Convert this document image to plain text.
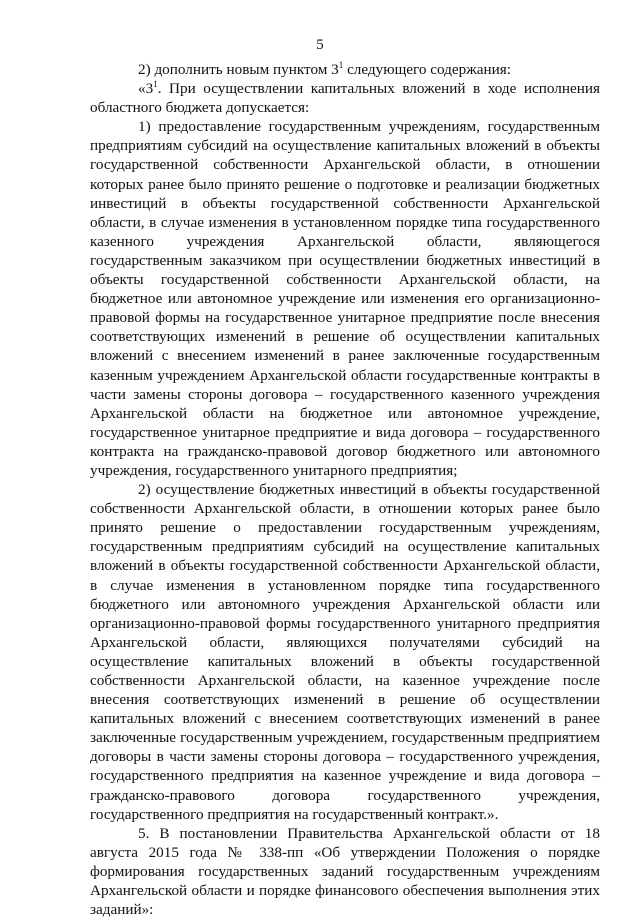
5

2) дополнить новым пунктом $3^1$ следующего содержания:

«$3^1$. При осуществлении капитальных вложений в ходе исполнения областного бюджета допускается:

1) предоставление государственным учреждениям, государственным предприятиям субсидий на осуществление капитальных вложений в объекты государственной собственности Архангельской области, в отношении которых ранее было принято решение о подготовке и реализации бюджетных инвестиций в объекты государственной собственности Архангельской области, в случае изменения в установленном порядке типа государственного казенного учреждения Архангельской области, являющегося государственным заказчиком при осуществлении бюджетных инвестиций в объекты государственной собственности Архангельской области, на бюджетное или автономное учреждение или изменения его организационно-правовой формы на государственное унитарное предприятие после внесения соответствующих изменений в решение об осуществлении капитальных вложений с внесением изменений в ранее заключенные государственным казенным учреждением Архангельской области государственные контракты в части замены стороны договора – государственного казенного учреждения Архангельской области на бюджетное или автономное учреждение, государственное унитарное предприятие и вида договора – государственного контракта на гражданско-правовой договор бюджетного или автономного учреждения, государственного унитарного предприятия;

2) осуществление бюджетных инвестиций в объекты государственной собственности Архангельской области, в отношении которых ранее было принято решение о предоставлении государственным учреждениям, государственным предприятиям субсидий на осуществление капитальных вложений в объекты государственной собственности Архангельской области, в случае изменения в установленном порядке типа государственного бюджетного или автономного учреждения Архангельской области или организационно-правовой формы государственного унитарного предприятия Архангельской области, являющихся получателями субсидий на осуществление капитальных вложений в объекты государственной собственности Архангельской области, на казенное учреждение после внесения соответствующих изменений в решение об осуществлении капитальных вложений с внесением соответствующих изменений в ранее заключенные государственным учреждением, государственным предприятием договоры в части замены стороны договора – государственного учреждения, государственного предприятия на казенное учреждение и вида договора – гражданско-правового договора государственного учреждения, государственного предприятия на государственный контракт.».

5. В постановлении Правительства Архангельской области от 18 августа 2015 года № 338-пп «Об утверждении Положения о порядке формирования государственных заданий государственным учреждениям Архангельской области и порядке финансового обеспечения выполнения этих заданий»:
